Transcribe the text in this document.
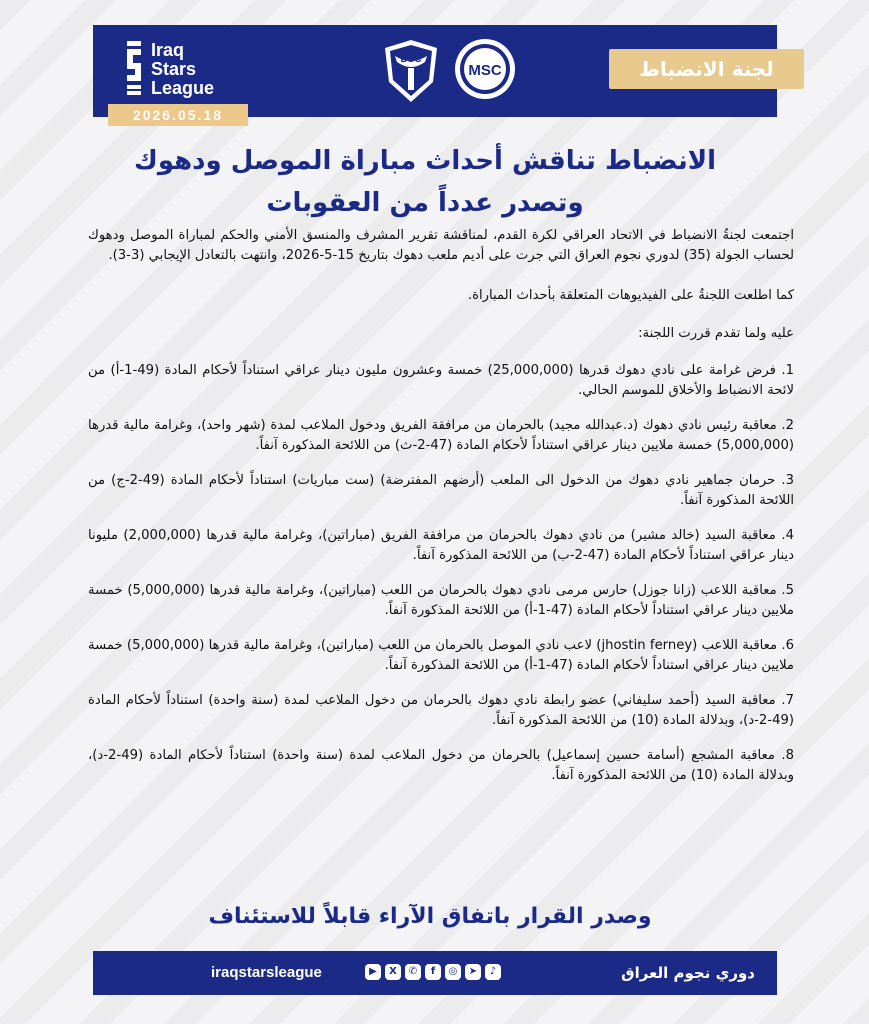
Iraq
Stars
League
DSC
MSC
2026.05.18
لجنة الانضباط
الانضباط تناقش أحداث مباراة الموصل ودهوك
وتصدر عدداً من العقوبات

اجتمعت لجنةُ الانضباط في الاتحاد العراقي لكرة القدم، لمناقشة تقرير المشرف والمنسق الأمني والحكم لمباراة الموصل ودهوك لحساب الجولة (35) لدوري نجوم العراق التي جرت على أديم ملعب دهوك بتاريخ 15-5-2026، وانتهت بالتعادل الإيجابي (3-3).

كما اطلعت اللجنةُ على الفيديوهات المتعلقة بأحداث المباراة.

عليه ولما تقدم قررت اللجنة:

1. فرض غرامة على نادي دهوك قدرها (25,000,000) خمسة وعشرون مليون دينار عراقي استناداً لأحكام المادة (49-1-أ) من لائحة الانضباط والأخلاق للموسم الحالي.

2. معاقبة رئيس نادي دهوك (د.عبدالله مجيد) بالحرمان من مرافقة الفريق ودخول الملاعب لمدة (شهر واحد)، وغرامة مالية قدرها (5,000,000) خمسة ملايين دينار عراقي استناداً لأحكام المادة (47-2-ث) من اللائحة المذكورة آنفاً.

3. حرمان جماهير نادي دهوك من الدخول الى الملعب (أرضهم المفترضة) (ست مباريات) استناداً لأحكام المادة (49-2-ج) من اللائحة المذكورة آنفاً.

4. معاقبة السيد (خالد مشير) من نادي دهوك بالحرمان من مرافقة الفريق (مباراتين)، وغرامة مالية قدرها (2,000,000) مليونا دينار عراقي استناداً لأحكام المادة (47-2-ب) من اللائحة المذكورة آنفاً.

5. معاقبة اللاعب (زانا جوزل) حارس مرمى نادي دهوك بالحرمان من اللعب (مباراتين)، وغرامة مالية قدرها (5,000,000) خمسة ملايين دينار عراقي استناداً لأحكام المادة (47-1-أ) من اللائحة المذكورة آنفاً.

6. معاقبة اللاعب (jhostin ferney) لاعب نادي الموصل بالحرمان من اللعب (مباراتين)، وغرامة مالية قدرها (5,000,000) خمسة ملايين دينار عراقي استناداً لأحكام المادة (47-1-أ) من اللائحة المذكورة آنفاً.

7. معاقبة السيد (أحمد سليفاني) عضو رابطة نادي دهوك بالحرمان من دخول الملاعب لمدة (سنة واحدة) استناداً لأحكام المادة (49-2-د)، وبدلالة المادة (10) من اللائحة المذكورة آنفاً.

8. معاقبة المشجع (أسامة حسين إسماعيل) بالحرمان من دخول الملاعب لمدة (سنة واحدة) استناداً لأحكام المادة (49-2-د)، وبدلالة المادة (10) من اللائحة المذكورة آنفاً.

وصدر القرار باتفاق الآراء قابلاً للاستئناف
دوري نجوم العراق
♪
➤
◎
f
✆
X
▶
iraqstarsleague
